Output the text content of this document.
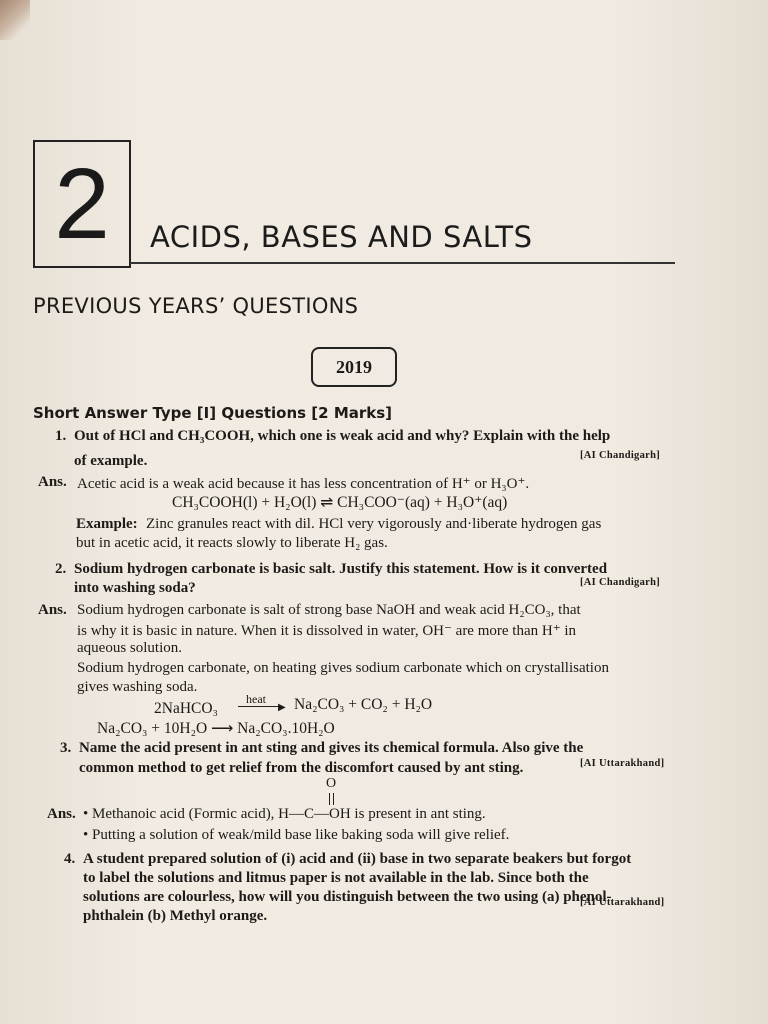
2	ACIDS, BASES AND SALTS
PREVIOUS YEARS’ QUESTIONS
2019
Short Answer Type [I] Questions [2 Marks]
1. Out of HCl and CH₃COOH, which one is weak acid and why? Explain with the help
of example.	[AI Chandigarh]
Ans. Acetic acid is a weak acid because it has less concentration of H⁺ or H₃O⁺.
CH₃COOH(l) + H₂O(l) ⇌ CH₃COO⁻(aq) + H₃O⁺(aq)
Example: Zinc granules react with dil. HCl very vigorously and·liberate hydrogen gas
but in acetic acid, it reacts slowly to liberate H₂ gas.
2. Sodium hydrogen carbonate is basic salt. Justify this statement. How is it converted
into washing soda?	[AI Chandigarh]
Ans. Sodium hydrogen carbonate is salt of strong base NaOH and weak acid H₂CO₃, that
is why it is basic in nature. When it is dissolved in water, OH⁻ are more than H⁺ in
aqueous solution.
Sodium hydrogen carbonate, on heating gives sodium carbonate which on crystallisation
gives washing soda.
2NaHCO₃
heat
▶ Na₂CO₃ + CO₂ + H₂O
Na₂CO₃ + 10H₂O ⟶ Na₂CO₃.10H₂O
3. Name the acid present in ant sting and gives its chemical formula. Also give the
common method to get relief from the discomfort caused by ant sting.	[AI Uttarakhand]
O
Ans. • Methanoic acid (Formic acid), H—C—OH is present in ant sting.
• Putting a solution of weak/mild base like baking soda will give relief.
4. A student prepared solution of (i) acid and (ii) base in two separate beakers but forgot
to label the solutions and litmus paper is not available in the lab. Since both the
solutions are colourless, how will you distinguish between the two using (a) phenol-
phthalein (b) Methyl orange.
[AI Uttarakhand]
